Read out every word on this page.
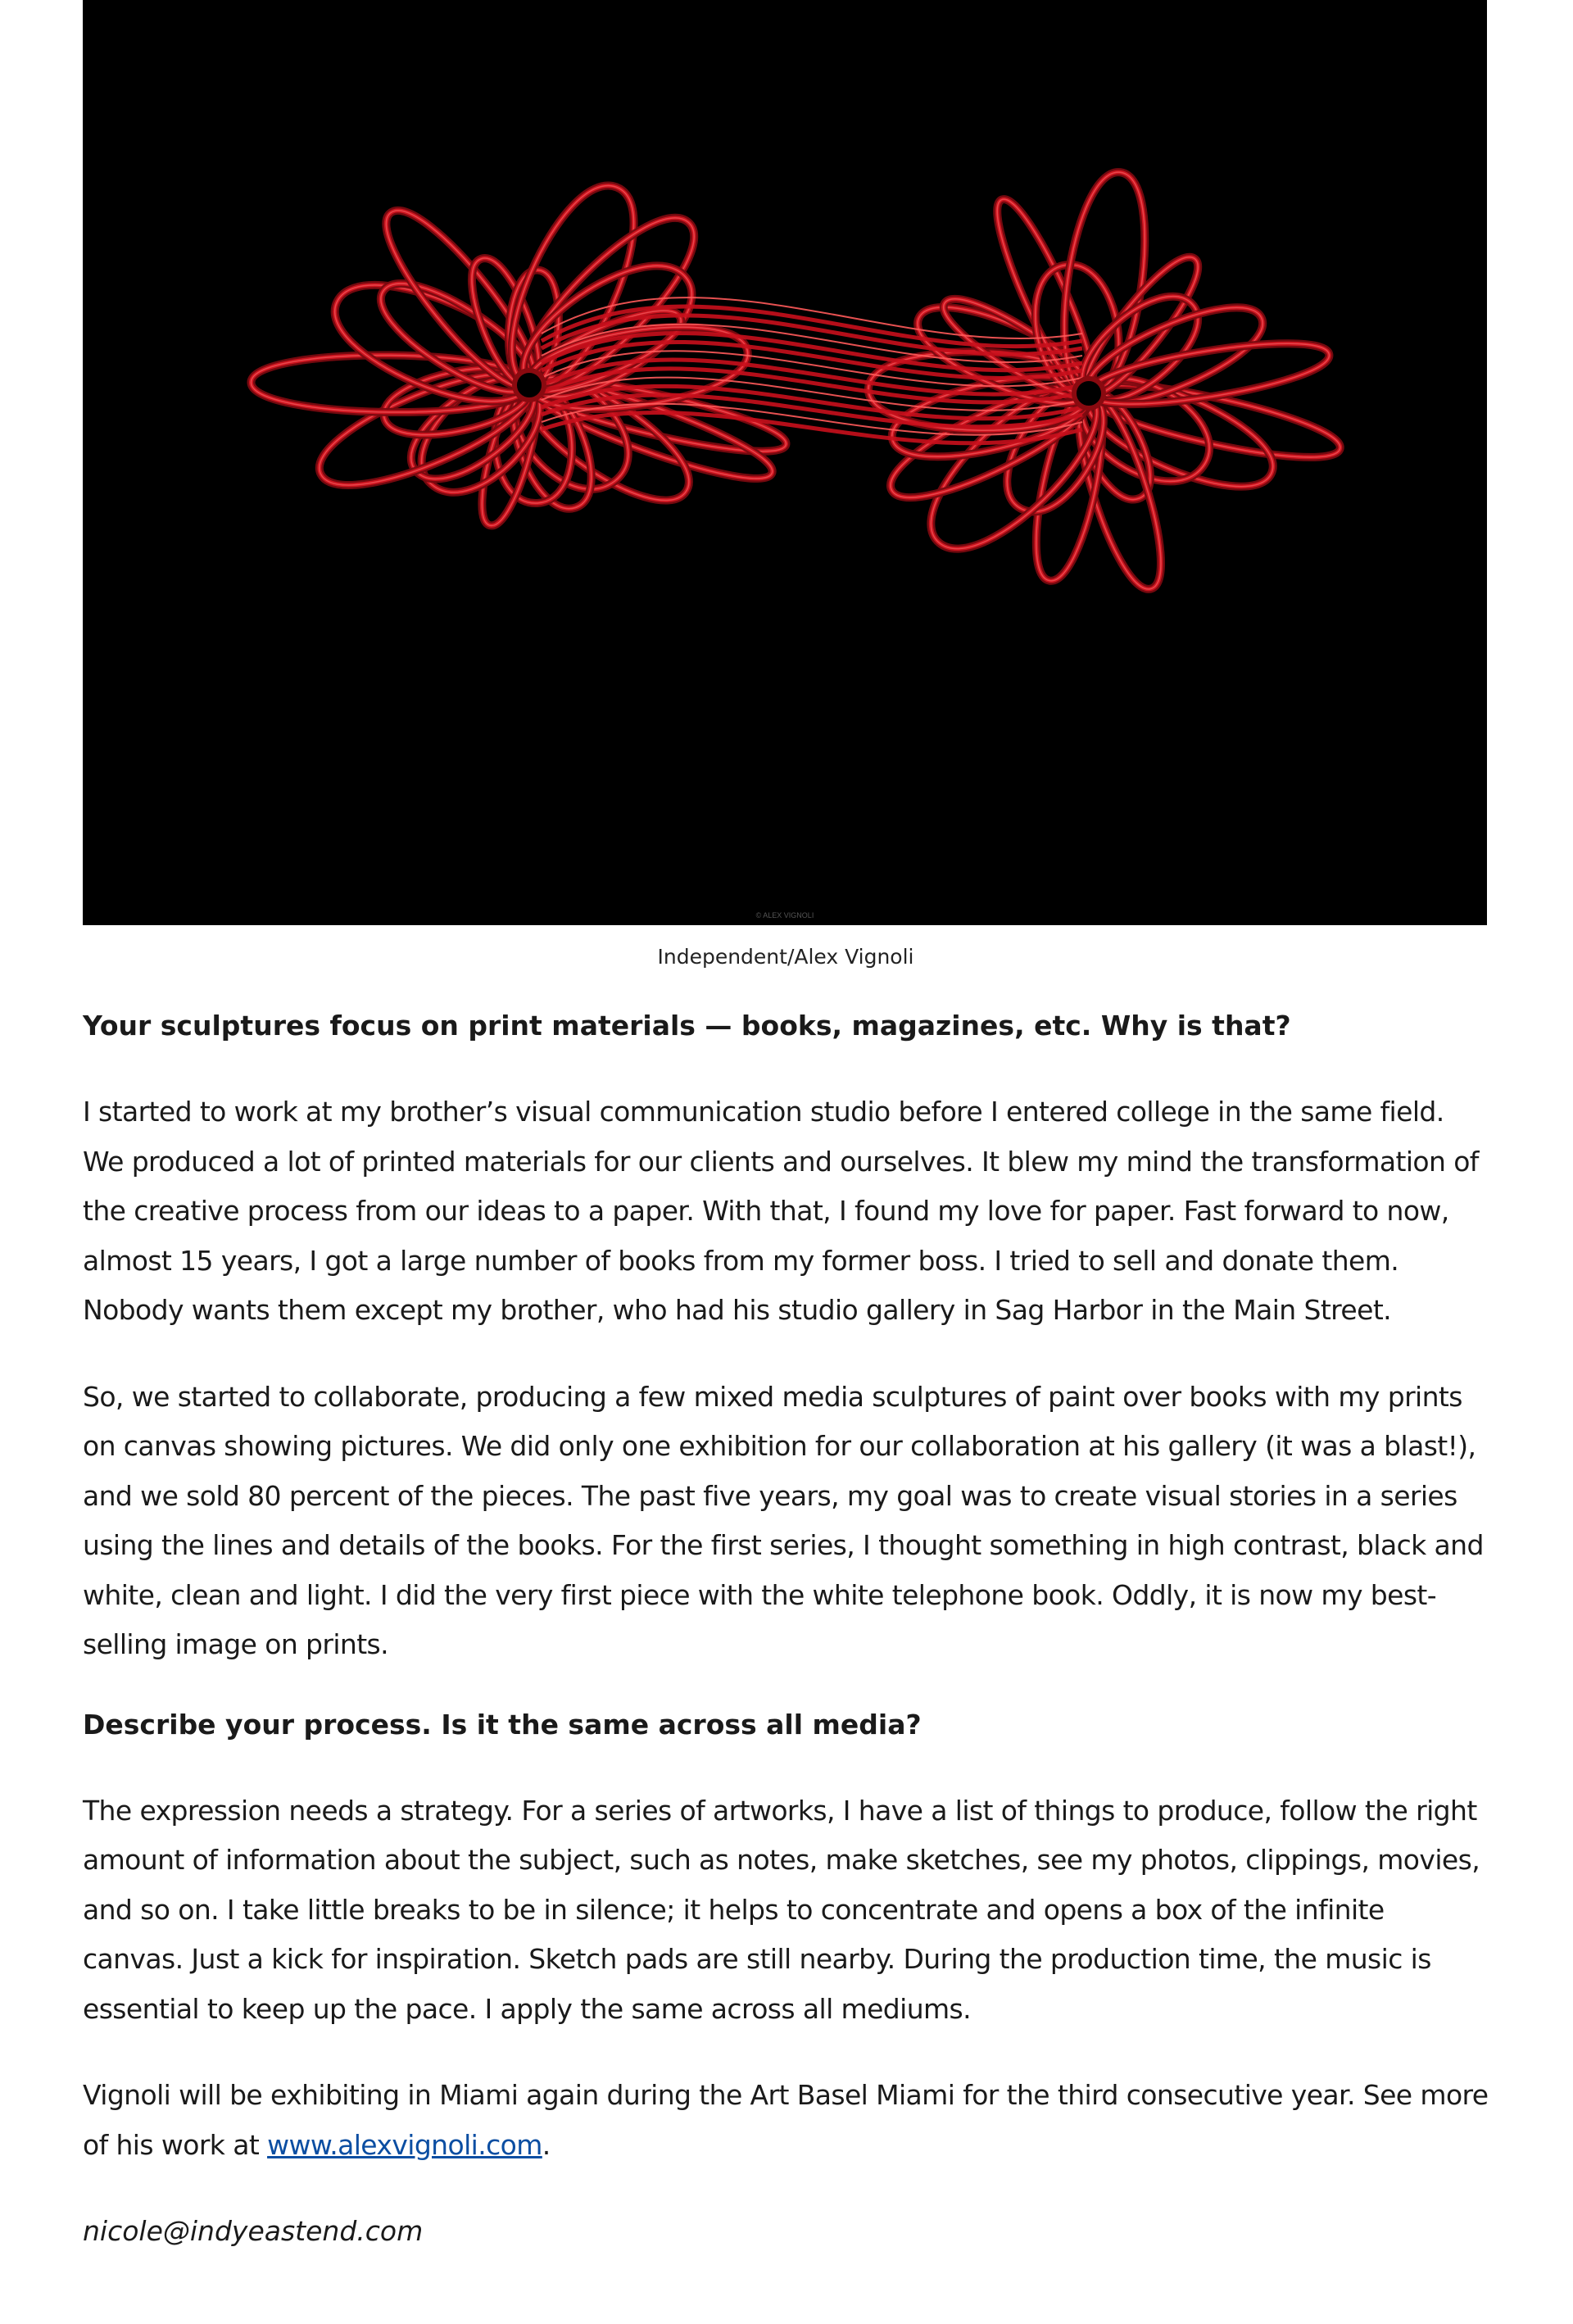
© ALEX VIGNOLI
Independent/Alex Vignoli

Your sculptures focus on print materials — books, magazines, etc. Why is that?

I started to work at my brother’s visual communication studio before I entered college in the same field. We produced a lot of printed materials for our clients and ourselves. It blew my mind the transformation of the creative process from our ideas to a paper. With that, I found my love for paper. Fast forward to now, almost 15 years, I got a large number of books from my former boss. I tried to sell and donate them. Nobody wants them except my brother, who had his studio gallery in Sag Harbor in the Main Street.

So, we started to collaborate, producing a few mixed media sculptures of paint over books with my prints on canvas showing pictures. We did only one exhibition for our collaboration at his gallery (it was a blast!), and we sold 80 percent of the pieces. The past five years, my goal was to create visual stories in a series using the lines and details of the books. For the first series, I thought something in high contrast, black and white, clean and light. I did the very first piece with the white telephone book. Oddly, it is now my best-selling image on prints.

Describe your process. Is it the same across all media?

The expression needs a strategy. For a series of artworks, I have a list of things to produce, follow the right amount of information about the subject, such as notes, make sketches, see my photos, clippings, movies, and so on. I take little breaks to be in silence; it helps to concentrate and opens a box of the infinite canvas. Just a kick for inspiration. Sketch pads are still nearby. During the production time, the music is essential to keep up the pace. I apply the same across all mediums.

Vignoli will be exhibiting in Miami again during the Art Basel Miami for the third consecutive year. See more of his work at www.alexvignoli.com.

nicole@indyeastend.com
